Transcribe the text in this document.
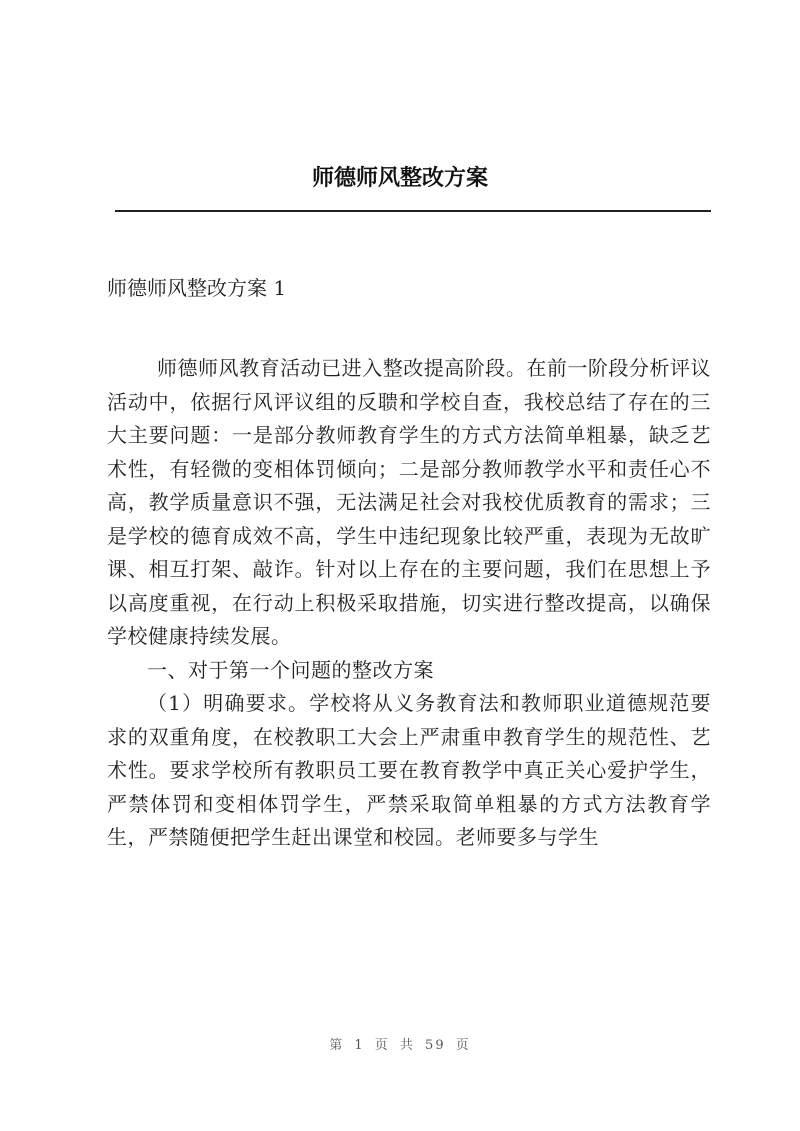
师德师风整改方案
师德师风整改方案 1

师德师风教育活动已进入整改提高阶段。在前一阶段分析评议活动中，依据行风评议组的反聩和学校自查，我校总结了存在的三大主要问题：一是部分教师教育学生的方式方法简单粗暴，缺乏艺术性，有轻微的变相体罚倾向；二是部分教师教学水平和责任心不高，教学质量意识不强，无法满足社会对我校优质教育的需求；三是学校的德育成效不高，学生中违纪现象比较严重，表现为无故旷课、相互打架、敲诈。针对以上存在的主要问题，我们在思想上予以高度重视，在行动上积极采取措施，切实进行整改提高，以确保学校健康持续发展。

一、对于第一个问题的整改方案

（1）明确要求。学校将从义务教育法和教师职业道德规范要求的双重角度，在校教职工大会上严肃重申教育学生的规范性、艺术性。要求学校所有教职员工要在教育教学中真正关心爱护学生，严禁体罚和变相体罚学生，严禁采取简单粗暴的方式方法教育学生，严禁随便把学生赶出课堂和校园。老师要多与学生

第 1 页 共 59 页
